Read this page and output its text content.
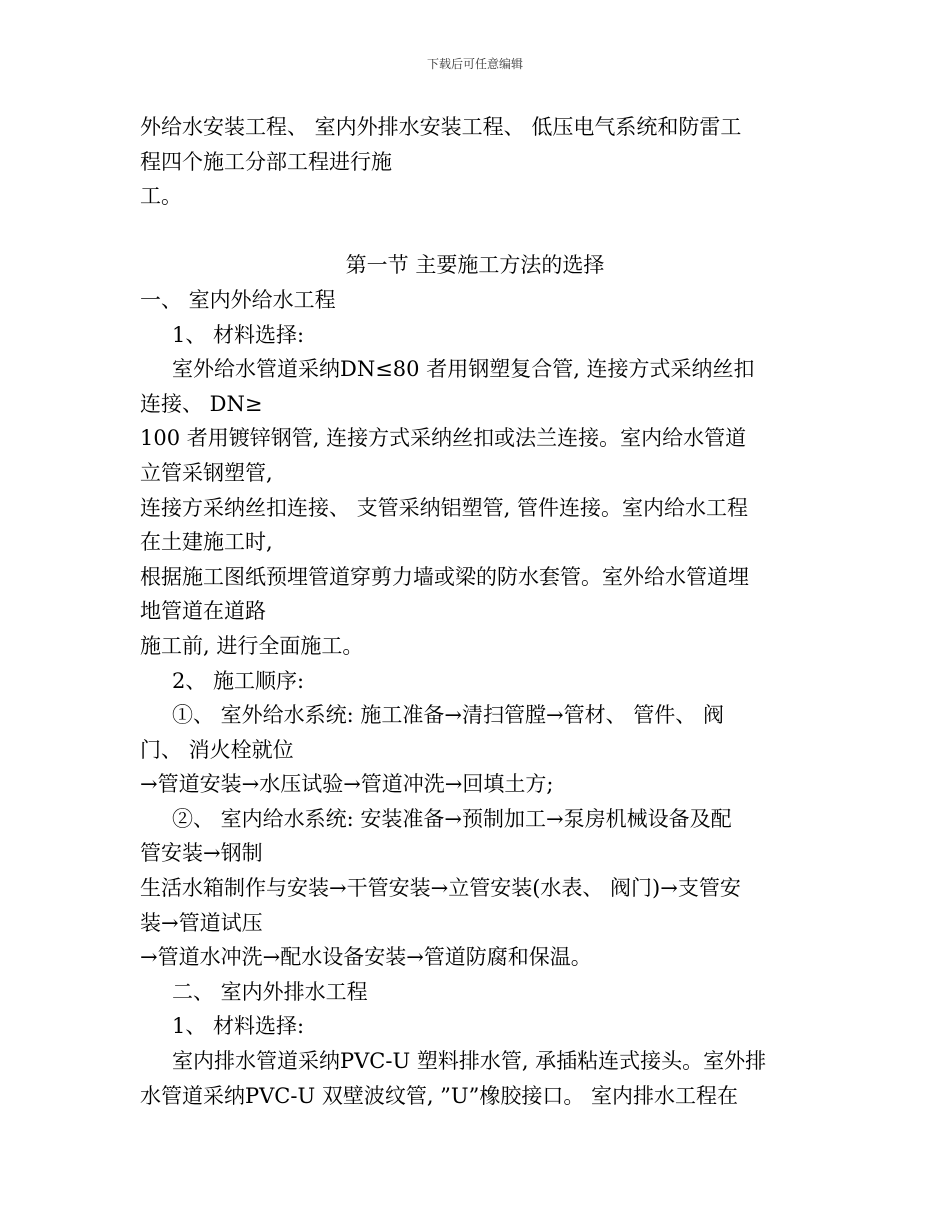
下载后可任意编辑
外给水安装工程、 室内外排水安装工程、 低压电气系统和防雷工
程四个施工分部工程进行施
工。
第一节 主要施工方法的选择
一、 室内外给水工程
1、 材料选择:
室外给水管道采纳DN≤80 者用钢塑复合管, 连接方式采纳丝扣
连接、 DN≥
100 者用镀锌钢管, 连接方式采纳丝扣或法兰连接。室内给水管道
立管采钢塑管,
连接方采纳丝扣连接、 支管采纳铝塑管, 管件连接。室内给水工程
在土建施工时,
根据施工图纸预埋管道穿剪力墙或梁的防水套管。室外给水管道埋
地管道在道路
施工前, 进行全面施工。
2、 施工顺序:
①、 室外给水系统: 施工准备→清扫管膛→管材、 管件、 阀
门、 消火栓就位
→管道安装→水压试验→管道冲洗→回填土方;
②、 室内给水系统: 安装准备→预制加工→泵房机械设备及配
管安装→钢制
生活水箱制作与安装→干管安装→立管安装(水表、 阀门)→支管安
装→管道试压
→管道水冲洗→配水设备安装→管道防腐和保温。
二、 室内外排水工程
1、 材料选择:
室内排水管道采纳PVC-U 塑料排水管, 承插粘连式接头。室外排
水管道采纳PVC-U 双壁波纹管, ”U”橡胶接口。 室内排水工程在
